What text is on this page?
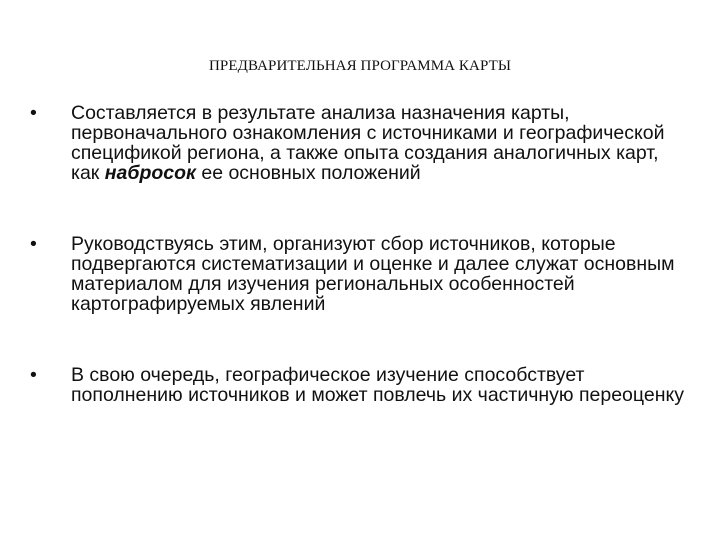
ПРЕДВАРИТЕЛЬНАЯ ПРОГРАММА КАРТЫ
•	Составляется в результате анализа назначения карты, первоначального ознакомления с источниками и географической спецификой региона, а также опыта создания аналогичных карт, как набросок ее основных положений
•	Руководствуясь этим, организуют сбор источников, которые подвергаются систематизации и оценке и далее служат основным материалом для изучения региональных особенностей картографируемых явлений
•	В свою очередь, географическое изучение способствует пополнению источников и может повлечь их частичную переоценку
